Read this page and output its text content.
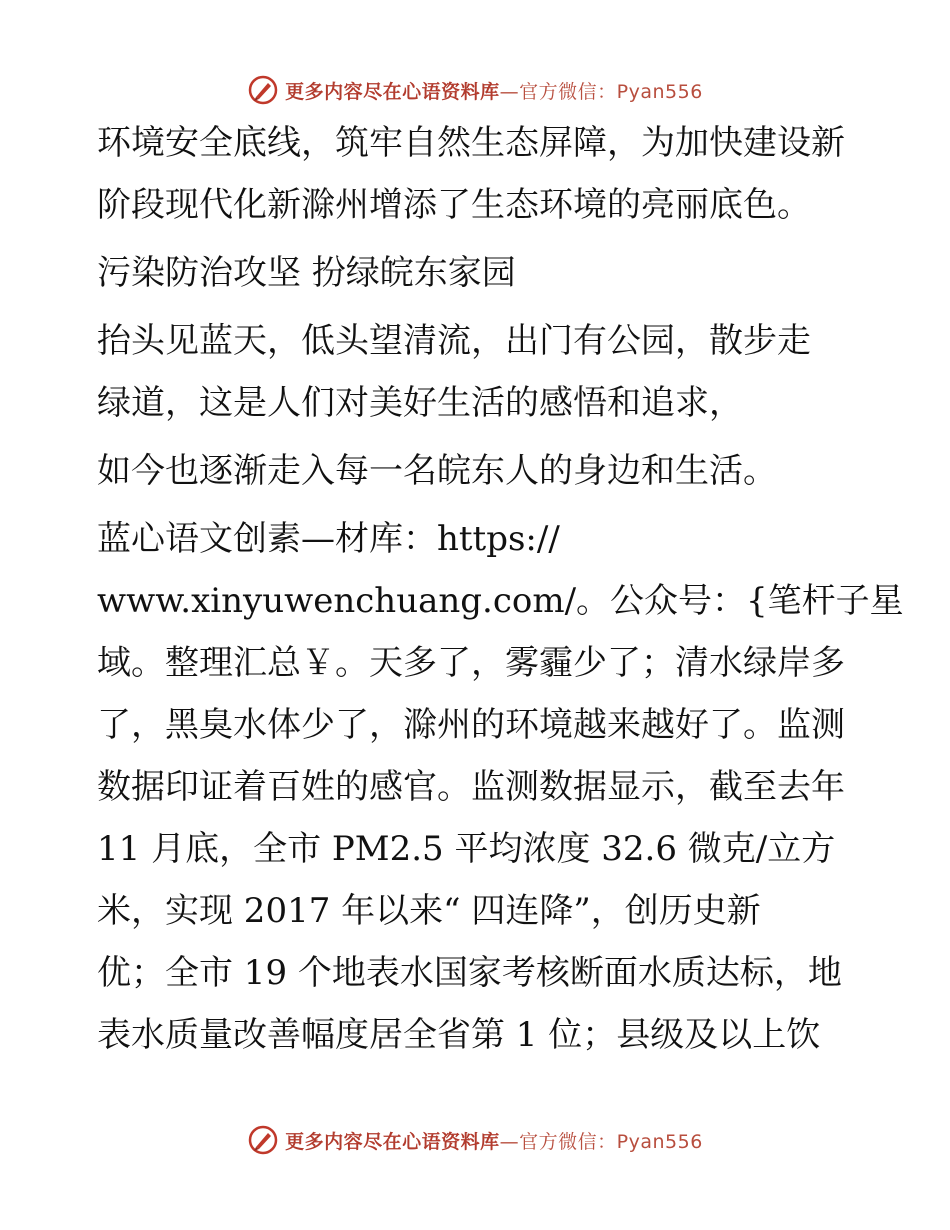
更多内容尽在心语资料库—官方微信：Pyan556
环境安全底线，筑牢自然生态屏障，为加快建设新
阶段现代化新滁州增添了生态环境的亮丽底色。
污染防治攻坚 扮绿皖东家园
抬头见蓝天，低头望清流，出门有公园，散步走
绿道，这是人们对美好生活的感悟和追求，
如今也逐渐走入每一名皖东人的身边和生活。
蓝心语文创素—材库：https://
www.xinyuwenchuang.com/。公众号：{笔杆子星
域。整理汇总￥。天多了，雾霾少了；清水绿岸多
了，黑臭水体少了，滁州的环境越来越好了。监测
数据印证着百姓的感官。监测数据显示，截至去年
11 月底，全市 PM2.5 平均浓度 32.6 微克/立方
米，实现 2017 年以来“ 四连降”，创历史新
优；全市 19 个地表水国家考核断面水质达标，地
表水质量改善幅度居全省第 1 位；县级及以上饮
更多内容尽在心语资料库—官方微信：Pyan556
